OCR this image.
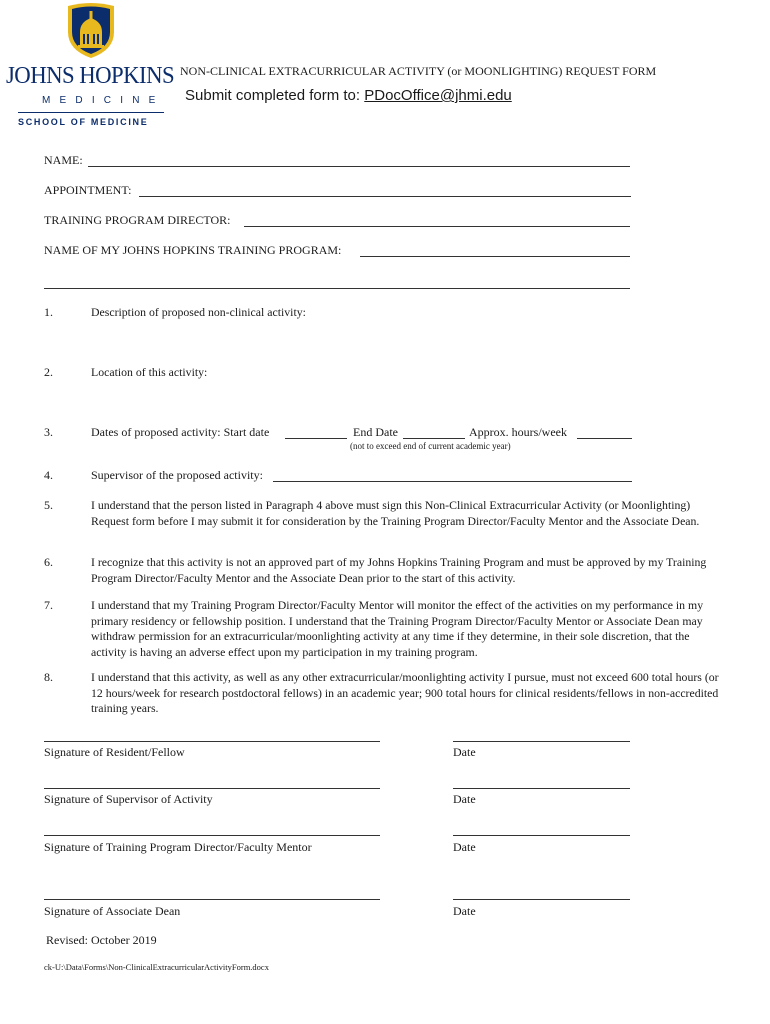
JOHNS HOPKINS
MEDICINE
SCHOOL OF MEDICINE
NON-CLINICAL EXTRACURRICULAR ACTIVITY (or MOONLIGHTING) REQUEST FORM
Submit completed form to: PDocOffice@jhmi.edu
NAME:
APPOINTMENT:
TRAINING PROGRAM DIRECTOR:
NAME OF MY JOHNS HOPKINS TRAINING PROGRAM:
1.	Description of proposed non-clinical activity:
2.	Location of this activity:
3.	Dates of proposed activity: Start date	End Date	Approx. hours/week
(not to exceed end of current academic year)
4.	Supervisor of the proposed activity:
5.	I understand that the person listed in Paragraph 4 above must sign this Non-Clinical Extracurricular Activity (or Moonlighting) Request form before I may submit it for consideration by the Training Program Director/Faculty Mentor and the Associate Dean.
6.	I recognize that this activity is not an approved part of my Johns Hopkins Training Program and must be approved by my Training Program Director/Faculty Mentor and the Associate Dean prior to the start of this activity.
7.	I understand that my Training Program Director/Faculty Mentor will monitor the effect of the activities on my performance in my primary residency or fellowship position. I understand that the Training Program Director/Faculty Mentor or Associate Dean may withdraw permission for an extracurricular/moonlighting activity at any time if they determine, in their sole discretion, that the activity is having an adverse effect upon my participation in my training program.
8.	I understand that this activity, as well as any other extracurricular/moonlighting activity I pursue, must not exceed 600 total hours (or 12 hours/week for research postdoctoral fellows) in an academic year; 900 total hours for clinical residents/fellows in non-accredited training years.
Signature of Resident/Fellow	Date
Signature of Supervisor of Activity	Date
Signature of Training Program Director/Faculty Mentor	Date
Signature of Associate Dean	Date
Revised: October 2019
ck-U:\Data\Forms\Non-ClinicalExtracurricularActivityForm.docx
